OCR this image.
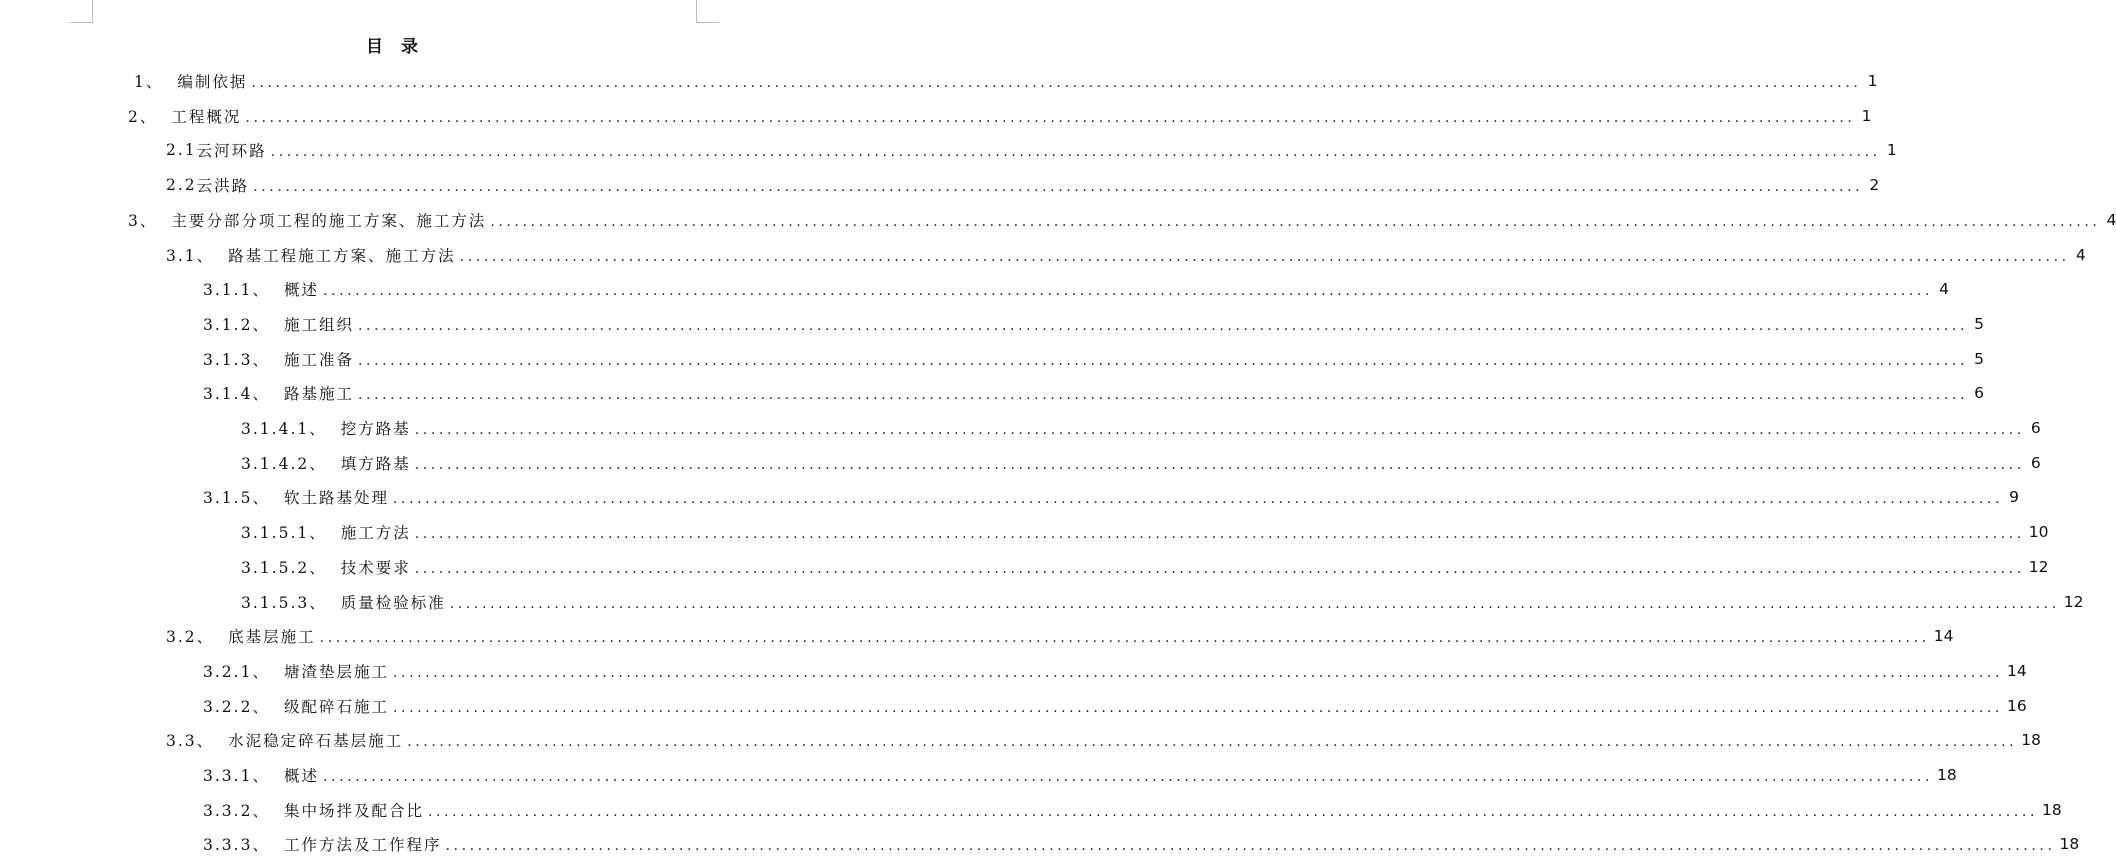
目 录
1、 编制依据 ........................................................................................................................................................................................................ 1
2、 工程概况 ........................................................................................................................................................................................................ 1
2.1 云河环路 ........................................................................................................................................................................................................ 1
2.2 云洪路 ........................................................................................................................................................................................................ 2
3、 主要分部分项工程的施工方案、施工方法 ........................................................................................................................................................................................................ 4
3.1、 路基工程施工方案、施工方法 ........................................................................................................................................................................................................ 4
3.1.1、 概述 ........................................................................................................................................................................................................ 4
3.1.2、 施工组织 ........................................................................................................................................................................................................ 5
3.1.3、 施工准备 ........................................................................................................................................................................................................ 5
3.1.4、 路基施工 ........................................................................................................................................................................................................ 6
3.1.4.1、 挖方路基 ........................................................................................................................................................................................................ 6
3.1.4.2、 填方路基 ........................................................................................................................................................................................................ 6
3.1.5、 软土路基处理 ........................................................................................................................................................................................................ 9
3.1.5.1、 施工方法 ........................................................................................................................................................................................................ 10
3.1.5.2、 技术要求 ........................................................................................................................................................................................................ 12
3.1.5.3、 质量检验标准 ........................................................................................................................................................................................................ 12
3.2、 底基层施工 ........................................................................................................................................................................................................ 14
3.2.1、 塘渣垫层施工 ........................................................................................................................................................................................................ 14
3.2.2、 级配碎石施工 ........................................................................................................................................................................................................ 16
3.3、 水泥稳定碎石基层施工 ........................................................................................................................................................................................................ 18
3.3.1、 概述 ........................................................................................................................................................................................................ 18
3.3.2、 集中场拌及配合比 ........................................................................................................................................................................................................ 18
3.3.3、 工作方法及工作程序 ........................................................................................................................................................................................................ 18
